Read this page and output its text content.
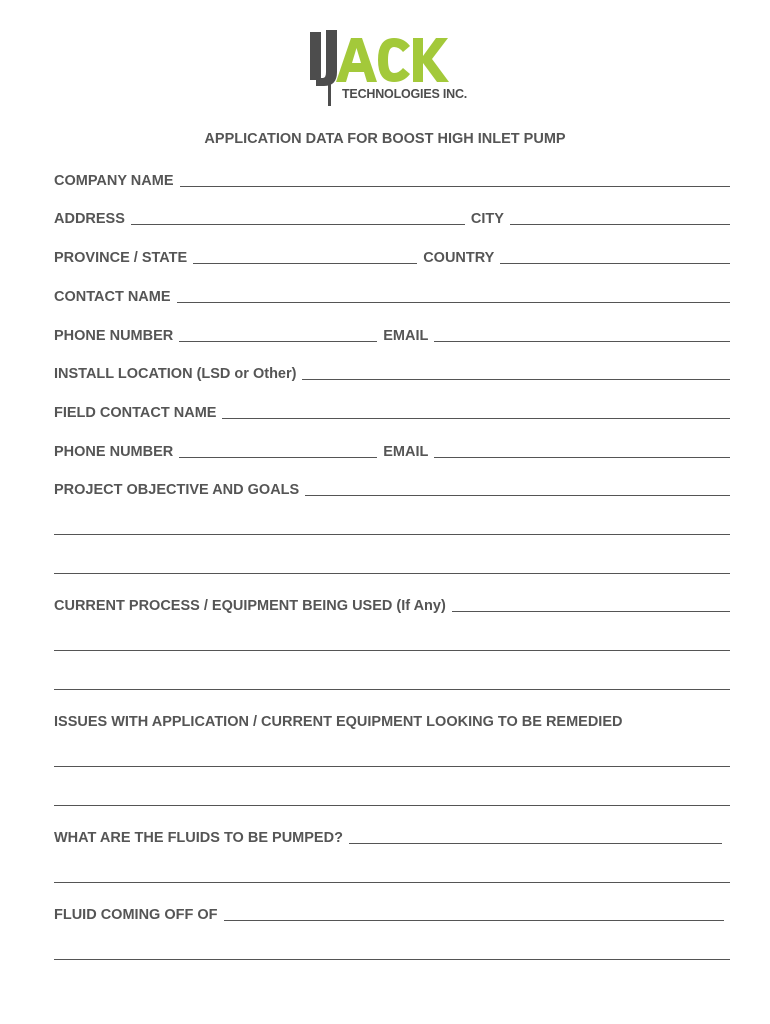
TECHNOLOGIES INC.
APPLICATION DATA FOR BOOST HIGH INLET PUMP
COMPANY NAME
ADDRESS	CITY
PROVINCE / STATE	COUNTRY
CONTACT NAME
PHONE NUMBER	EMAIL
INSTALL LOCATION (LSD or Other)
FIELD CONTACT NAME
PHONE NUMBER	EMAIL
PROJECT OBJECTIVE AND GOALS
CURRENT PROCESS / EQUIPMENT BEING USED (If Any)
ISSUES WITH APPLICATION / CURRENT EQUIPMENT LOOKING TO BE REMEDIED
WHAT ARE THE FLUIDS TO BE PUMPED?
FLUID COMING OFF OF
